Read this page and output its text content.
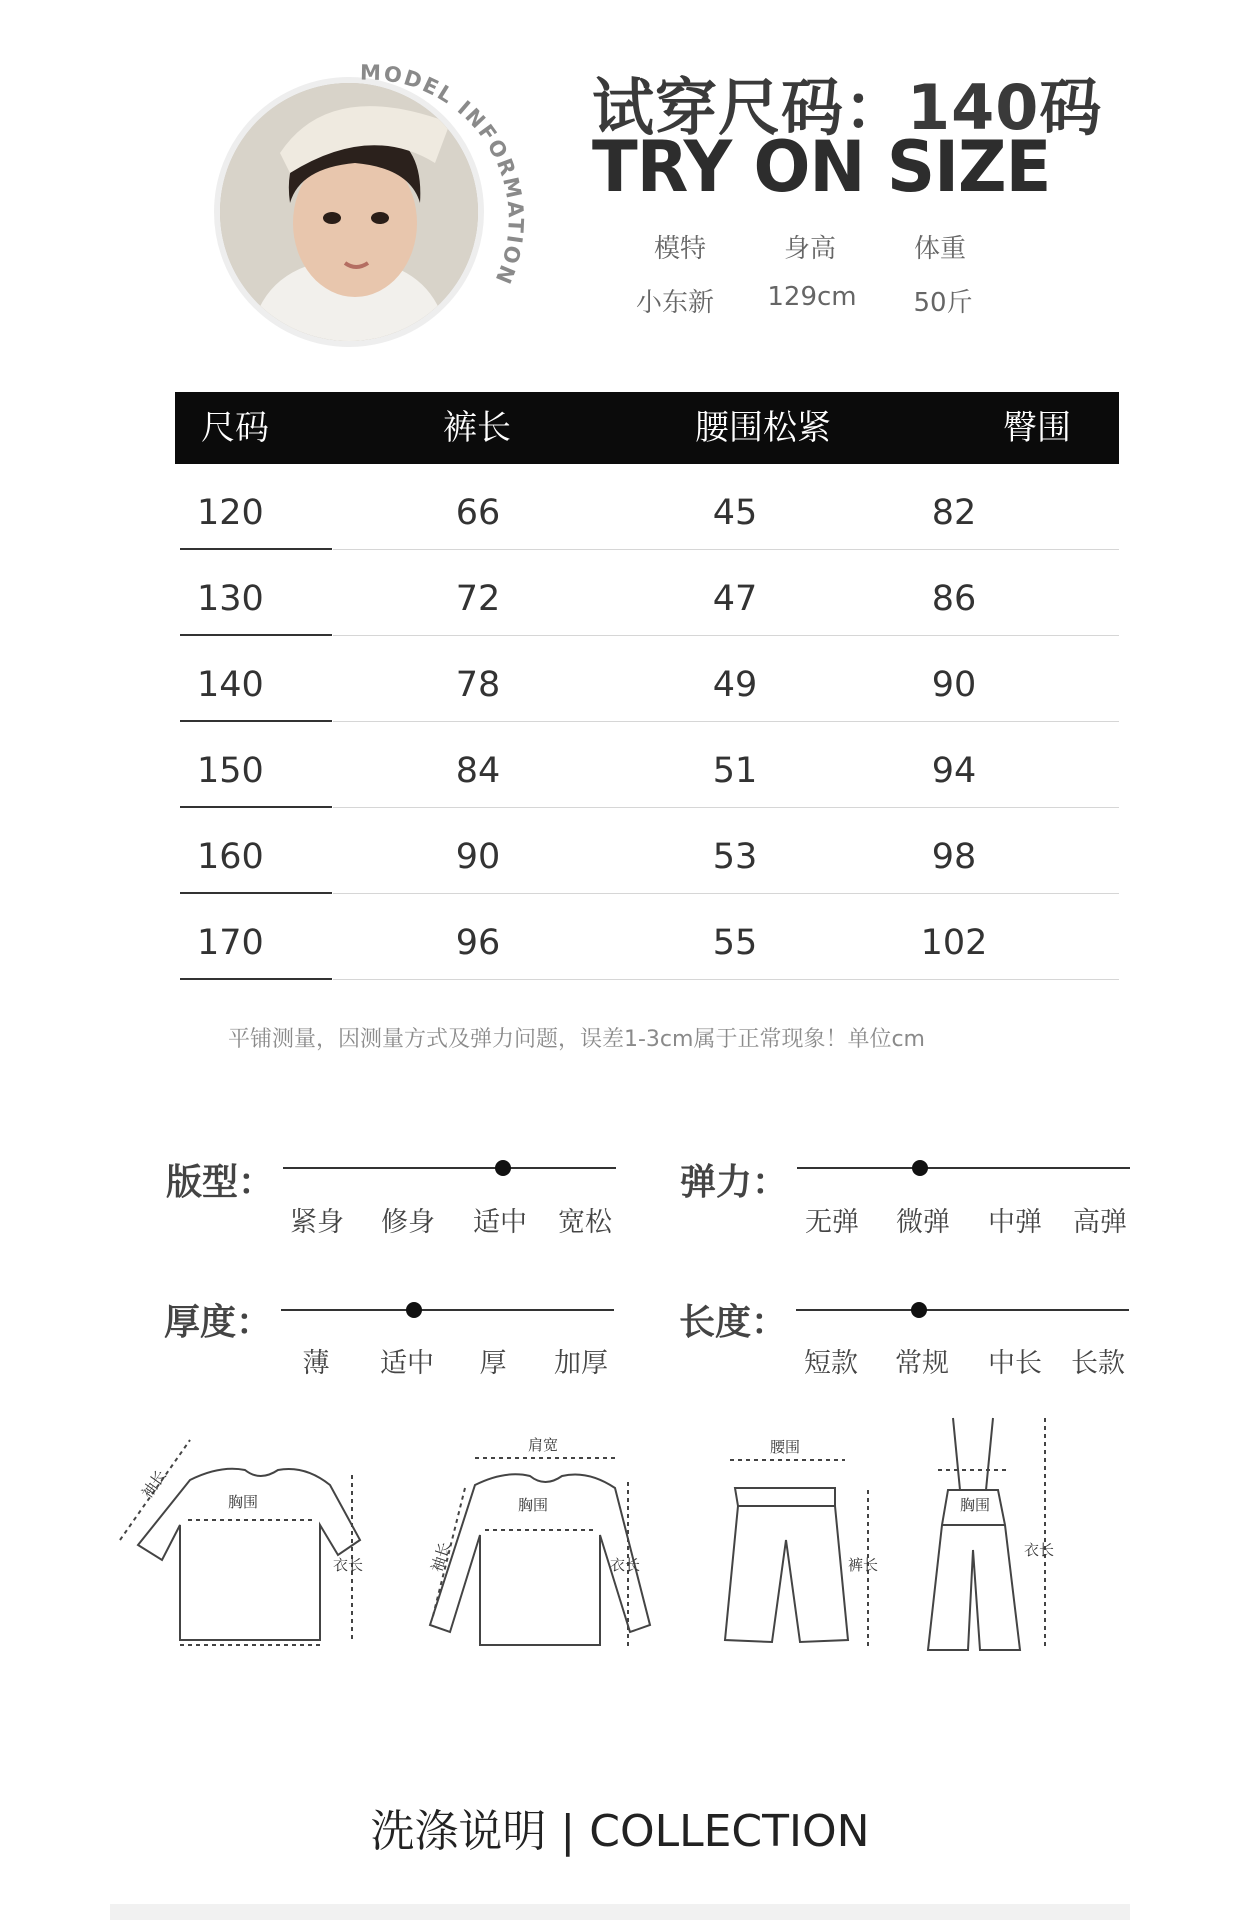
MODEL INFORMATION
试穿尺码：140码
TRY ON SIZE
模特	身高	体重
小东新	129cm	50斤
尺码	裤长	腰围松紧	臀围
120	66	45	82
130	72	47	86
140	78	49	90
150	84	51	94
160	90	53	98
170	96	55	102
平铺测量，因测量方式及弹力问题，误差1-3cm属于正常现象！单位cm
版型：
紧身	修身	适中	宽松
弹力：
无弹	微弹	中弹	高弹
厚度：
薄	适中	厚	加厚
长度：
短款	常规	中长	长款
袖长
胸围
衣长
肩宽
袖长
胸围
衣长
腰围
裤长
胸围
衣长
洗涤说明 | COLLECTION
